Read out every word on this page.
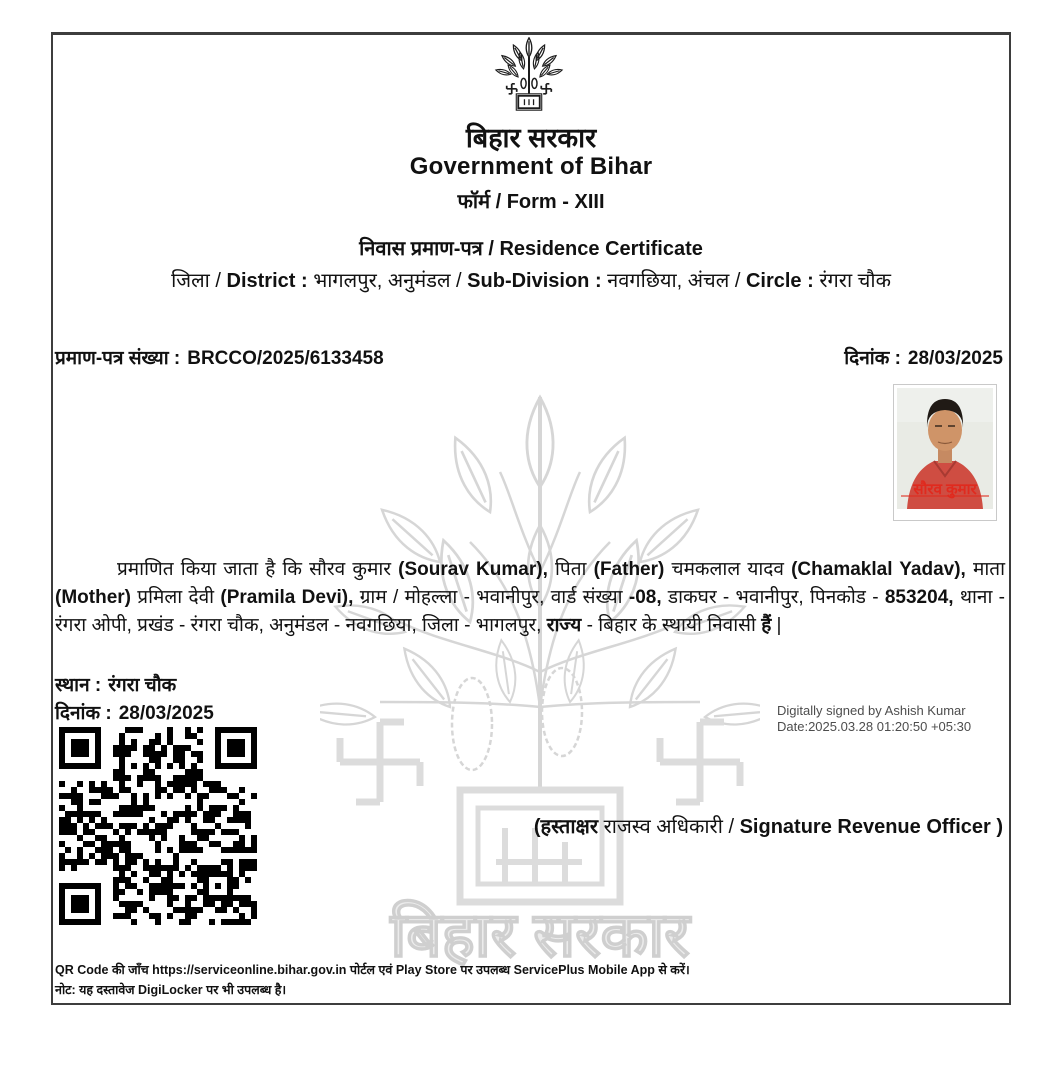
बिहार सरकार
बिहार सरकार
Government of Bihar
फॉर्म / Form - XIII
निवास प्रमाण-पत्र / Residence Certificate
जिला / District : भागलपुर, अनुमंडल / Sub-Division : नवगछिया, अंचल / Circle : रंगरा चौक
प्रमाण-पत्र संख्या : BRCCO/2025/6133458	दिनांक : 28/03/2025
सौरव कुमार
प्रमाणित किया जाता है कि सौरव कुमार (Sourav Kumar), पिता (Father) चमकलाल यादव (Chamaklal Yadav), माता (Mother) प्रमिला देवी (Pramila Devi), ग्राम / मोहल्ला - भवानीपुर, वार्ड संख्या -08, डाकघर - भवानीपुर, पिनकोड - 853204, थाना - रंगरा ओपी, प्रखंड - रंगरा चौक, अनुमंडल - नवगछिया, जिला - भागलपुर, राज्य - बिहार के स्थायी निवासी हैं |
स्थान : रंगरा चौक
दिनांक : 28/03/2025	Digitally signed by Ashish Kumar
Date:2025.03.28 01:20:50 +05:30
(हस्ताक्षर राजस्व अधिकारी / Signature Revenue Officer )
QR Code की जाँच https://serviceonline.bihar.gov.in पोर्टल एवं Play Store पर उपलब्ध ServicePlus Mobile App से करें।
नोट: यह दस्तावेज DigiLocker पर भी उपलब्ध है।
